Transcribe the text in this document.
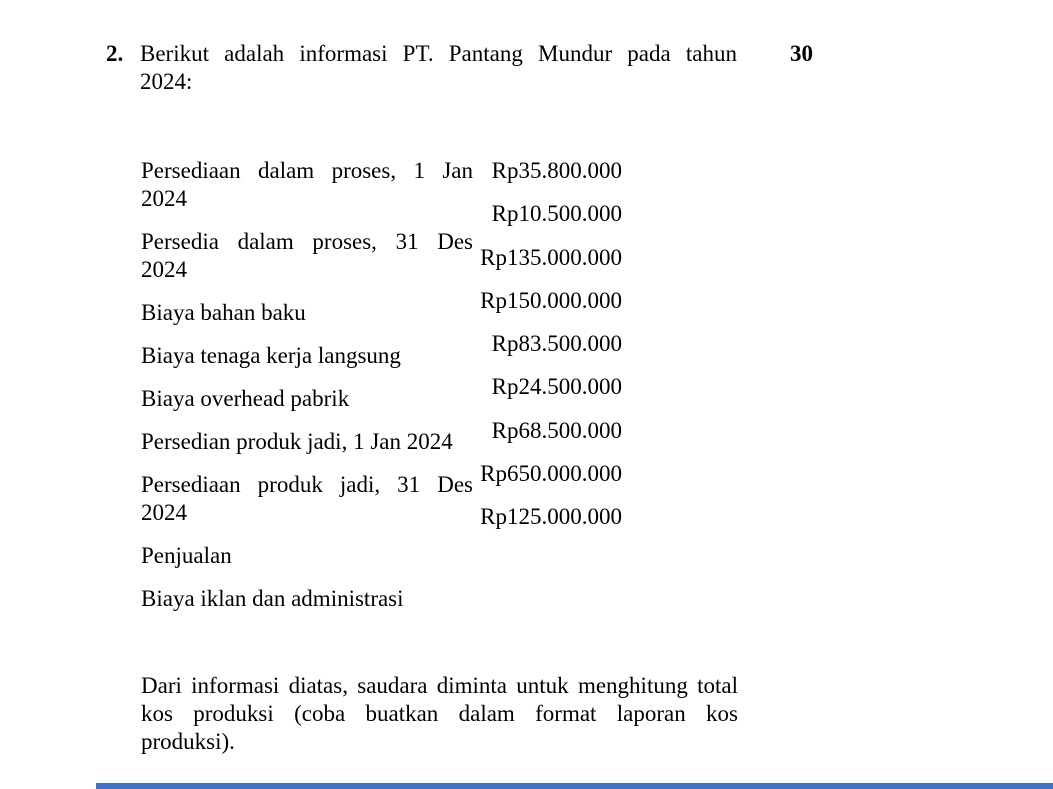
2. Berikut adalah informasi PT. Pantang Mundur pada tahun
2024:
30
Persediaan dalam proses, 1 Jan
2024
Persedia dalam proses, 31 Des
2024
Biaya bahan baku
Biaya tenaga kerja langsung
Biaya overhead pabrik
Persedian produk jadi, 1 Jan 2024
Persediaan produk jadi, 31 Des
2024
Penjualan
Biaya iklan dan administrasi
Rp35.800.000
Rp10.500.000
Rp135.000.000
Rp150.000.000
Rp83.500.000
Rp24.500.000
Rp68.500.000
Rp650.000.000
Rp125.000.000
Dari informasi diatas, saudara diminta untuk menghitung total
kos produksi (coba buatkan dalam format laporan kos
produksi).
